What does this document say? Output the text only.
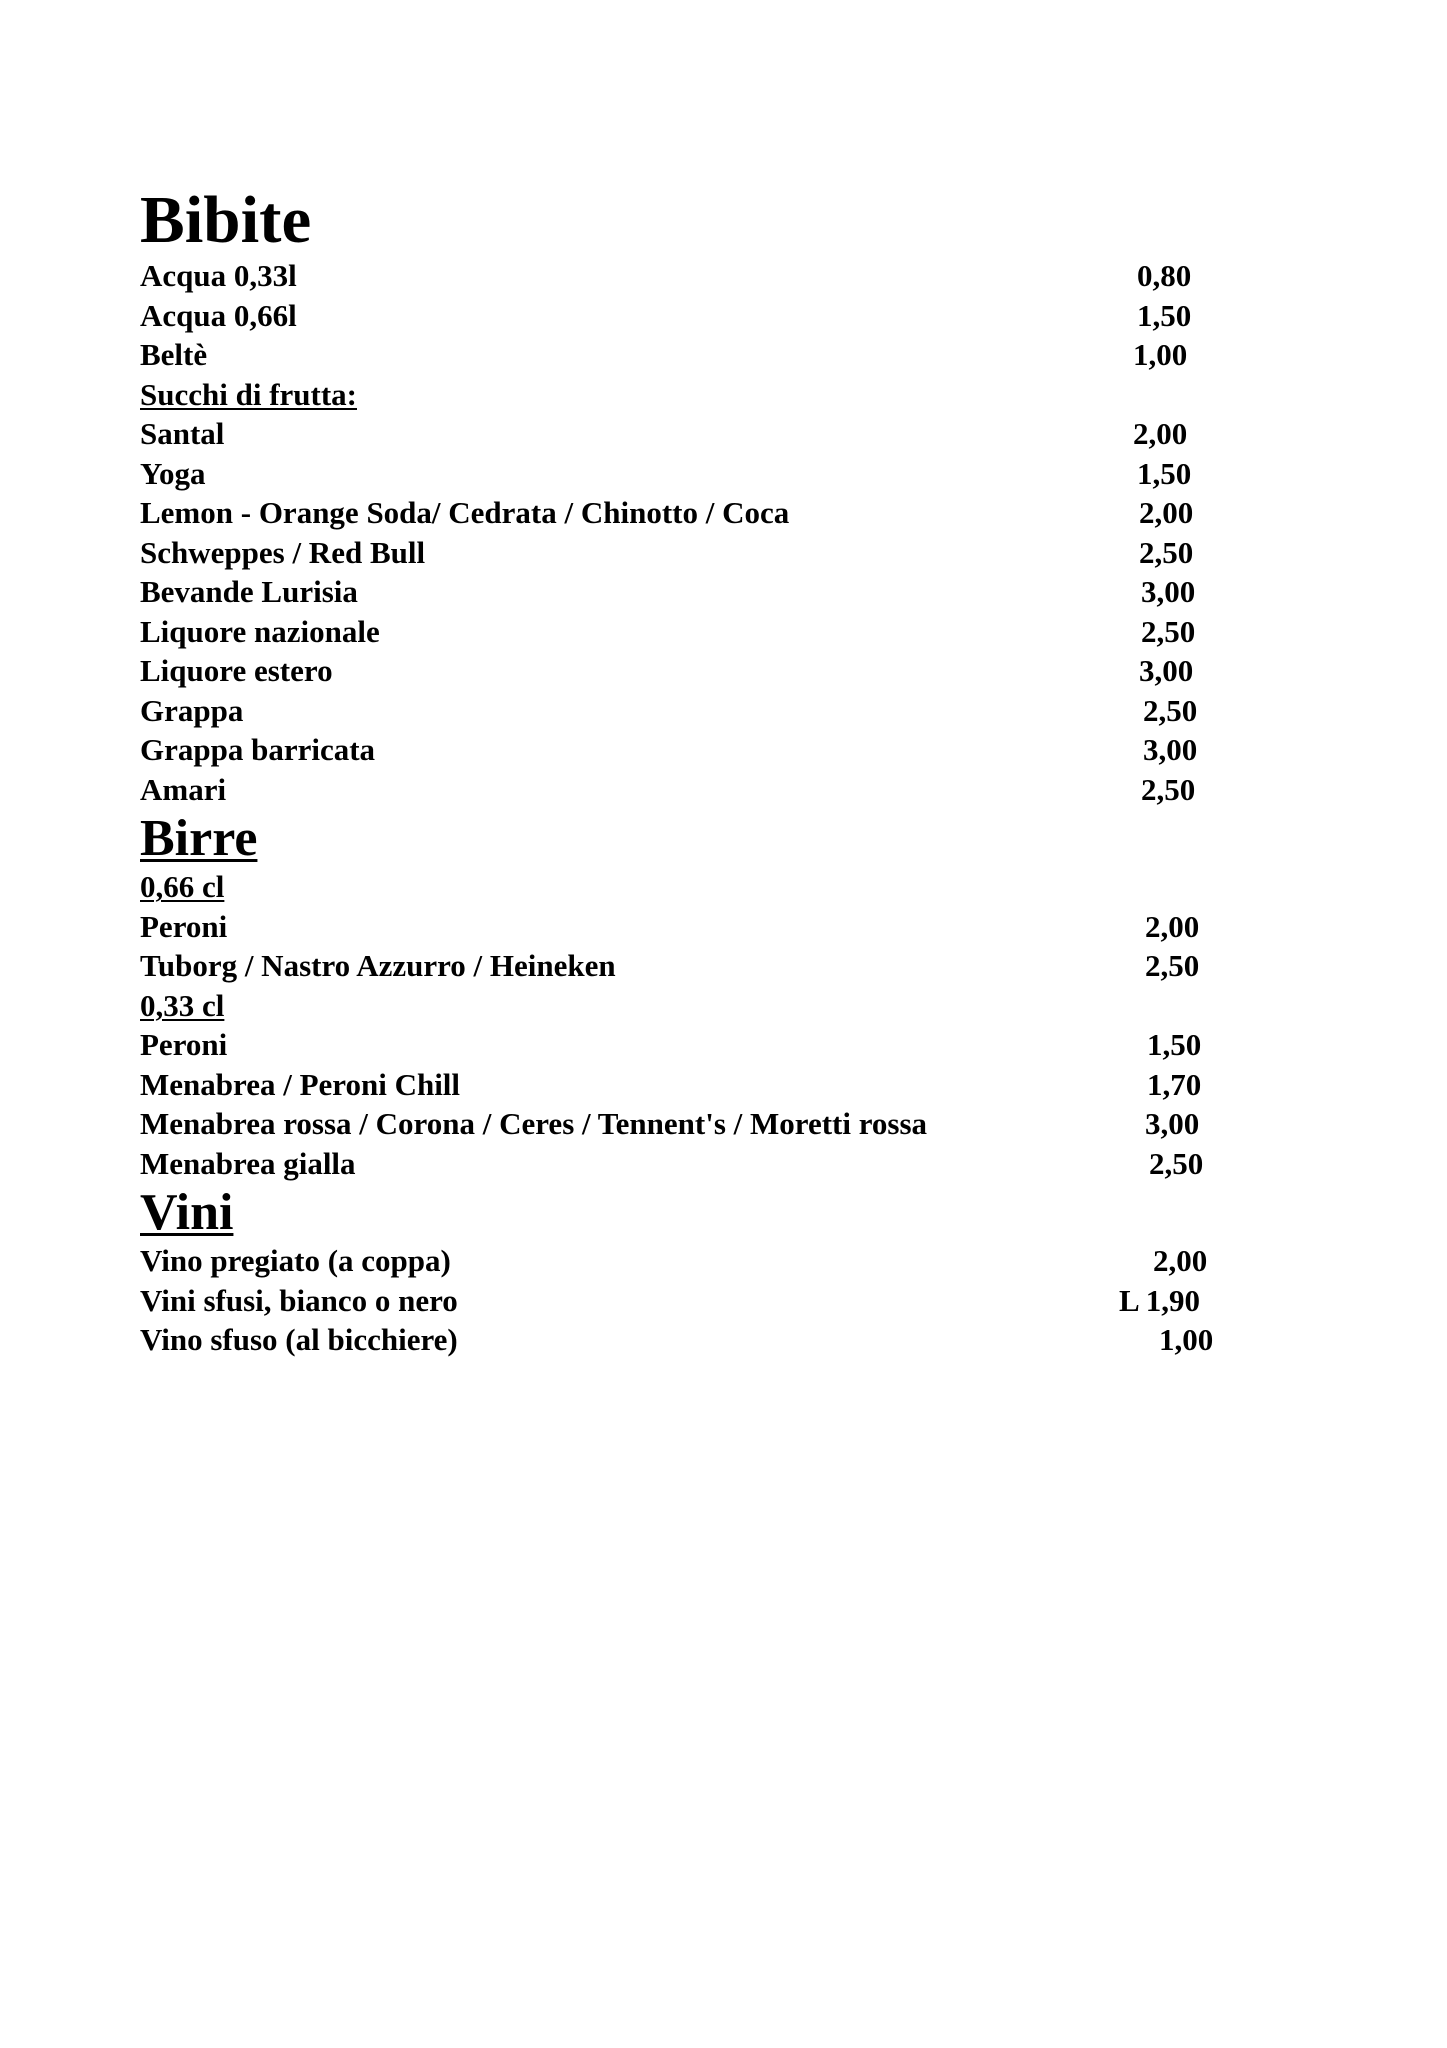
Bibite
Acqua 0,33l	0,80
Acqua 0,66l	1,50
Beltè	1,00
Succhi di frutta:
Santal	2,00
Yoga	1,50
Lemon - Orange Soda/ Cedrata / Chinotto / Coca	2,00
Schweppes / Red Bull	2,50
Bevande Lurisia	3,00
Liquore nazionale	2,50
Liquore estero	3,00
Grappa	2,50
Grappa barricata	3,00
Amari	2,50
Birre
0,66 cl
Peroni	2,00
Tuborg / Nastro Azzurro / Heineken	2,50
0,33 cl
Peroni	1,50
Menabrea / Peroni Chill	1,70
Menabrea rossa / Corona / Ceres / Tennent's / Moretti rossa	3,00
Menabrea gialla	2,50
Vini
Vino pregiato (a coppa)	2,00
Vini sfusi, bianco o nero	L 1,90
Vino sfuso (al bicchiere)	1,00
